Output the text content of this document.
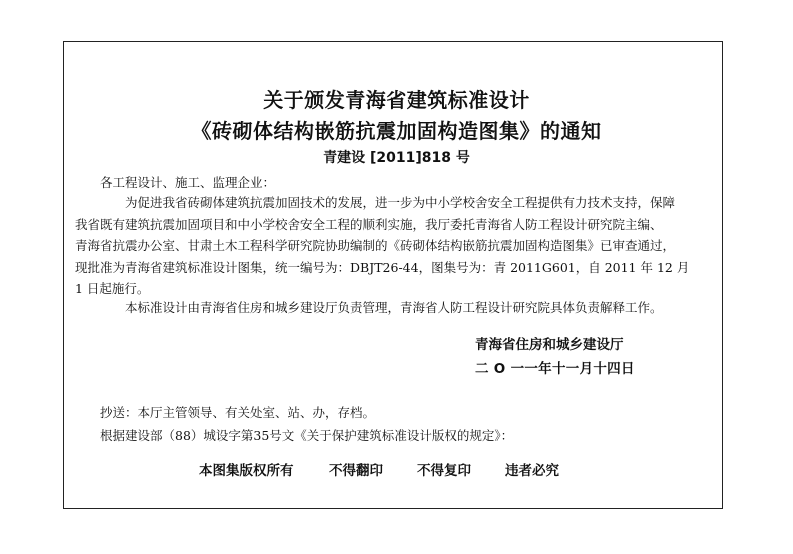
关于颁发青海省建筑标准设计
《砖砌体结构嵌筋抗震加固构造图集》的通知
青建设 [2011]818 号
各工程设计、施工、监理企业：
为促进我省砖砌体建筑抗震加固技术的发展，进一步为中小学校舍安全工程提供有力技术支持，保障
我省既有建筑抗震加固项目和中小学校舍安全工程的顺利实施，我厅委托青海省人防工程设计研究院主编、
青海省抗震办公室、甘肃土木工程科学研究院协助编制的《砖砌体结构嵌筋抗震加固构造图集》已审查通过，
现批准为青海省建筑标准设计图集，统一编号为：DBJT26-44，图集号为：青 2011G601，自 2011 年 12 月
1 日起施行。
本标准设计由青海省住房和城乡建设厅负责管理，青海省人防工程设计研究院具体负责解释工作。
青海省住房和城乡建设厅
二 O 一一年十一月十四日
抄送：本厅主管领导、有关处室、站、办，存档。
根据建设部（88）城设字第35号文《关于保护建筑标准设计版权的规定》：
本图集版权所有	不得翻印	不得复印	违者必究
